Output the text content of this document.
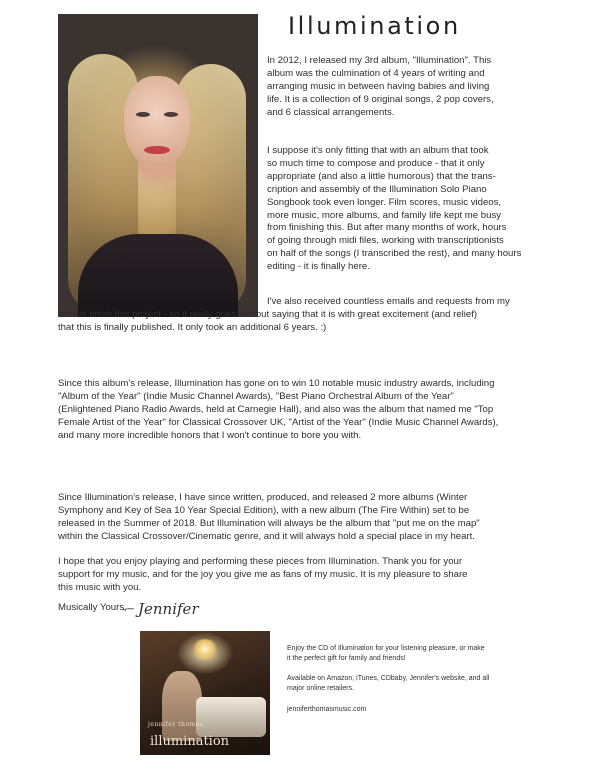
Illumination

In 2012, I released my 3rd album, "Illumination". This
album was the culmination of 4 years of writing and
arranging music in between having babies and living
life. It is a collection of 9 original songs, 2 pop covers,
and 6 classical arrangements.

I suppose it's only fitting that with an album that took
so much time to compose and produce - that it only
appropriate (and also a little humorous) that the trans-
cription and assembly of the Illumination Solo Piano
Songbook took even longer. Film scores, music videos,
more music, more albums, and family life kept me busy
from finishing this. But after many months of work, hours
of going through midi files, working with transcriptionists
on half of the songs (I transcribed the rest), and many hours
editing - it is finally here.

I've also received countless emails and requests from my

fans to finish this project - so it really goes without saying that it is with great excitement (and relief)
that this is finally published. It only took an additional 6 years. :)

Since this album's release, Illumination has gone on to win 10 notable music industry awards, including
"Album of the Year" (Indie Music Channel Awards), "Best Piano Orchestral Album of the Year"
(Enlightened Piano Radio Awards, held at Carnegie Hall), and also was the album that named me "Top
Female Artist of the Year" for Classical Crossover UK, "Artist of the Year" (Indie Music Channel Awards),
and many more incredible honors that I won't continue to bore you with.

Since Illumination's release, I have since written, produced, and released 2 more albums (Winter
Symphony and Key of Sea 10 Year Special Edition), with a new album (The Fire Within) set to be
released in the Summer of 2018. But Illumination will always be the album that "put me on the map"
within the Classical Crossover/Cinematic genre, and it will always hold a special place in my heart.

I hope that you enjoy playing and performing these pieces from Illumination. Thank you for your
support for my music, and for the joy you give me as fans of my music. It is my pleasure to share
this music with you.

Musically Yours, Jennifer
jennifer thomas illumination

Enjoy the CD of Illumination for your listening pleasure, or make
it the perfect gift for family and friends!

Available on Amazon, iTunes, CDbaby, Jennifer's website, and all
major online retailers.

jenniferthomasmusic.com
